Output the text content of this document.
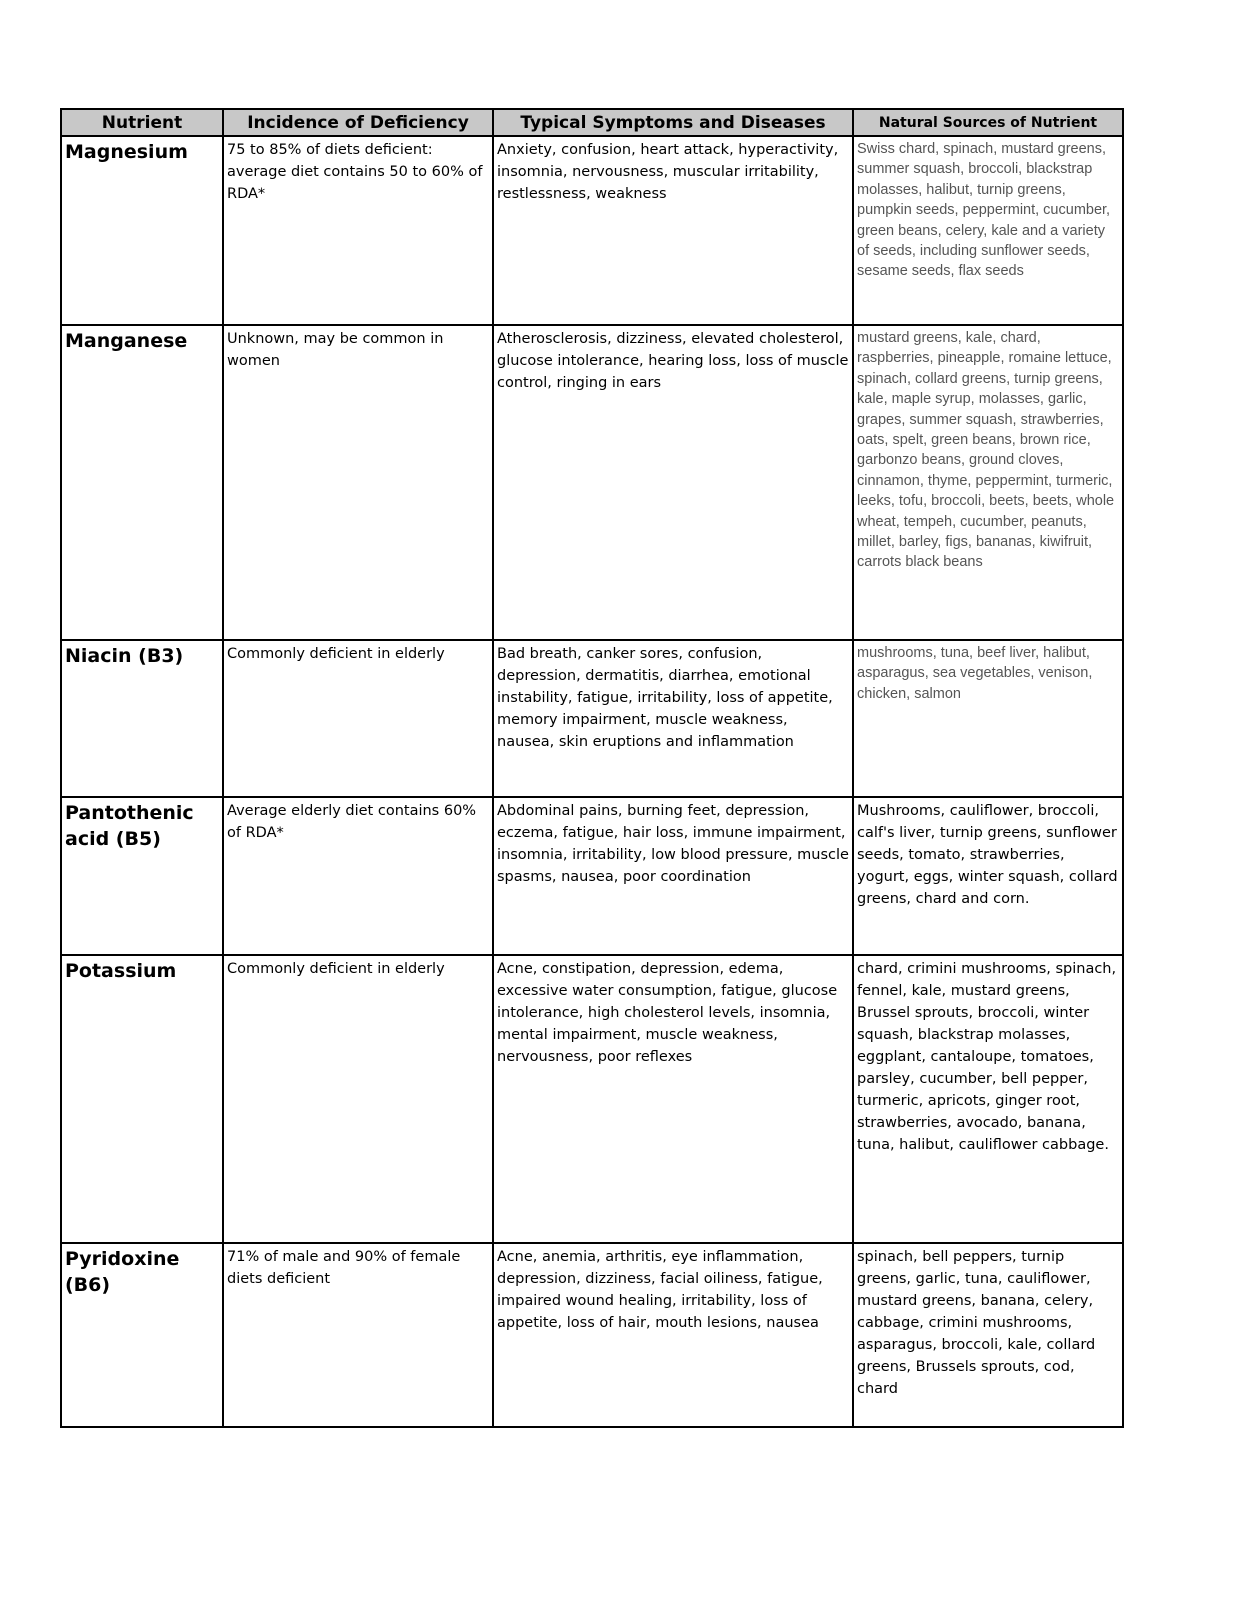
Nutrient	Incidence of Deficiency	Typical Symptoms and Diseases	Natural Sources of Nutrient
Magnesium	75 to 85% of diets deficient: average diet contains 50 to 60% of RDA*	Anxiety, confusion, heart attack, hyperactivity, insomnia, nervousness, muscular irritability, restlessness, weakness	Swiss chard, spinach, mustard greens, summer squash, broccoli, blackstrap molasses, halibut, turnip greens, pumpkin seeds, peppermint, cucumber, green beans, celery, kale and a variety of seeds, including sunflower seeds, sesame seeds, flax seeds
Manganese	Unknown, may be common in women	Atherosclerosis, dizziness, elevated cholesterol, glucose intolerance, hearing loss, loss of muscle control, ringing in ears	mustard greens, kale, chard, raspberries, pineapple, romaine lettuce, spinach, collard greens, turnip greens, kale, maple syrup, molasses, garlic, grapes, summer squash, strawberries, oats, spelt, green beans, brown rice, garbonzo beans, ground cloves, cinnamon, thyme, peppermint, turmeric, leeks, tofu, broccoli, beets, beets, whole wheat, tempeh, cucumber, peanuts, millet, barley, figs, bananas, kiwifruit, carrots black beans
Niacin (B3)	Commonly deficient in elderly	Bad breath, canker sores, confusion, depression, dermatitis, diarrhea, emotional instability, fatigue, irritability, loss of appetite, memory impairment, muscle weakness, nausea, skin eruptions and inflammation	mushrooms, tuna, beef liver, halibut, asparagus, sea vegetables, venison, chicken, salmon
Pantothenic acid (B5)	Average elderly diet contains 60% of RDA*	Abdominal pains, burning feet, depression, eczema, fatigue, hair loss, immune impairment, insomnia, irritability, low blood pressure, muscle spasms, nausea, poor coordination	Mushrooms, cauliflower, broccoli, calf's liver, turnip greens, sunflower seeds, tomato, strawberries, yogurt, eggs, winter squash, collard greens, chard and corn.
Potassium	Commonly deficient in elderly	Acne, constipation, depression, edema, excessive water consumption, fatigue, glucose intolerance, high cholesterol levels, insomnia, mental impairment, muscle weakness, nervousness, poor reflexes	chard, crimini mushrooms, spinach, fennel, kale, mustard greens, Brussel sprouts, broccoli, winter squash, blackstrap molasses, eggplant, cantaloupe, tomatoes, parsley, cucumber, bell pepper, turmeric, apricots, ginger root, strawberries, avocado, banana, tuna, halibut, cauliflower cabbage.
Pyridoxine (B6)	71% of male and 90% of female diets deficient	Acne, anemia, arthritis, eye inflammation, depression, dizziness, facial oiliness, fatigue, impaired wound healing, irritability, loss of appetite, loss of hair, mouth lesions, nausea	spinach, bell peppers, turnip greens, garlic, tuna, cauliflower, mustard greens, banana, celery, cabbage, crimini mushrooms, asparagus, broccoli, kale, collard greens, Brussels sprouts, cod, chard
